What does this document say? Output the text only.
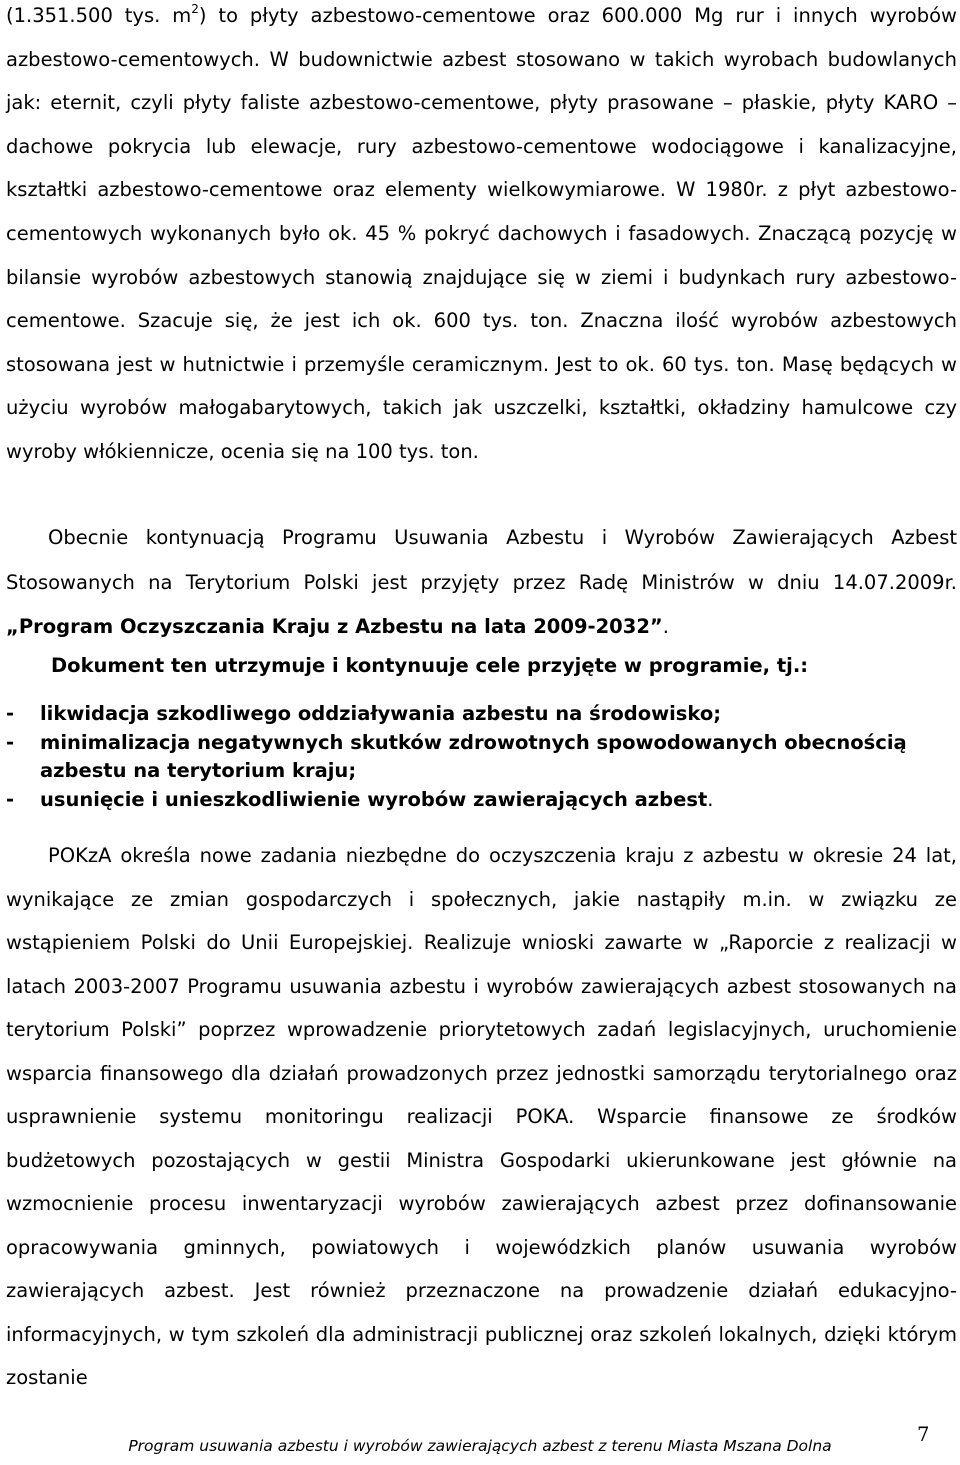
(1.351.500 tys. $m^2$) to płyty azbestowo-cementowe oraz 600.000 Mg rur i innych wyrobów azbestowo-cementowych. W budownictwie azbest stosowano w takich wyrobach budowlanych jak: eternit, czyli płyty faliste azbestowo-cementowe, płyty prasowane – płaskie, płyty KARO – dachowe pokrycia lub elewacje, rury azbestowo-cementowe wodociągowe i kanalizacyjne, kształtki azbestowo-cementowe oraz elementy wielkowymiarowe. W 1980r. z płyt azbestowo-cementowych wykonanych było ok. 45 % pokryć dachowych i fasadowych. Znaczącą pozycję w bilansie wyrobów azbestowych stanowią znajdujące się w ziemi i budynkach rury azbestowo-cementowe. Szacuje się, że jest ich ok. 600 tys. ton. Znaczna ilość wyrobów azbestowych stosowana jest w hutnictwie i przemyśle ceramicznym. Jest to ok. 60 tys. ton. Masę będących w użyciu wyrobów małogabarytowych, takich jak uszczelki, kształtki, okładziny hamulcowe czy wyroby włókiennicze, ocenia się na 100 tys. ton.

Obecnie kontynuacją Programu Usuwania Azbestu i Wyrobów Zawierających Azbest Stosowanych na Terytorium Polski jest przyjęty przez Radę Ministrów w dniu 14.07.2009r. „Program Oczyszczania Kraju z Azbestu na lata 2009-2032”.

Dokument ten utrzymuje i kontynuuje cele przyjęte w programie, tj.:

- likwidacja szkodliwego oddziaływania azbestu na środowisko;
- minimalizacja negatywnych skutków zdrowotnych spowodowanych obecnością azbestu na terytorium kraju;
- usunięcie i unieszkodliwienie wyrobów zawierających azbest.

POKzA określa nowe zadania niezbędne do oczyszczenia kraju z azbestu w okresie 24 lat, wynikające ze zmian gospodarczych i społecznych, jakie nastąpiły m.in. w związku ze wstąpieniem Polski do Unii Europejskiej. Realizuje wnioski zawarte w „Raporcie z realizacji w latach 2003-2007 Programu usuwania azbestu i wyrobów zawierających azbest stosowanych na terytorium Polski” poprzez wprowadzenie priorytetowych zadań legislacyjnych, uruchomienie wsparcia finansowego dla działań prowadzonych przez jednostki samorządu terytorialnego oraz usprawnienie systemu monitoringu realizacji POKA. Wsparcie finansowe ze środków budżetowych pozostających w gestii Ministra Gospodarki ukierunkowane jest głównie na wzmocnienie procesu inwentaryzacji wyrobów zawierających azbest przez dofinansowanie opracowywania gminnych, powiatowych i wojewódzkich planów usuwania wyrobów zawierających azbest. Jest również przeznaczone na prowadzenie działań edukacyjno-informacyjnych, w tym szkoleń dla administracji publicznej oraz szkoleń lokalnych, dzięki którym zostanie

Program usuwania azbestu i wyrobów zawierających azbest z terenu Miasta Mszana Dolna	7
